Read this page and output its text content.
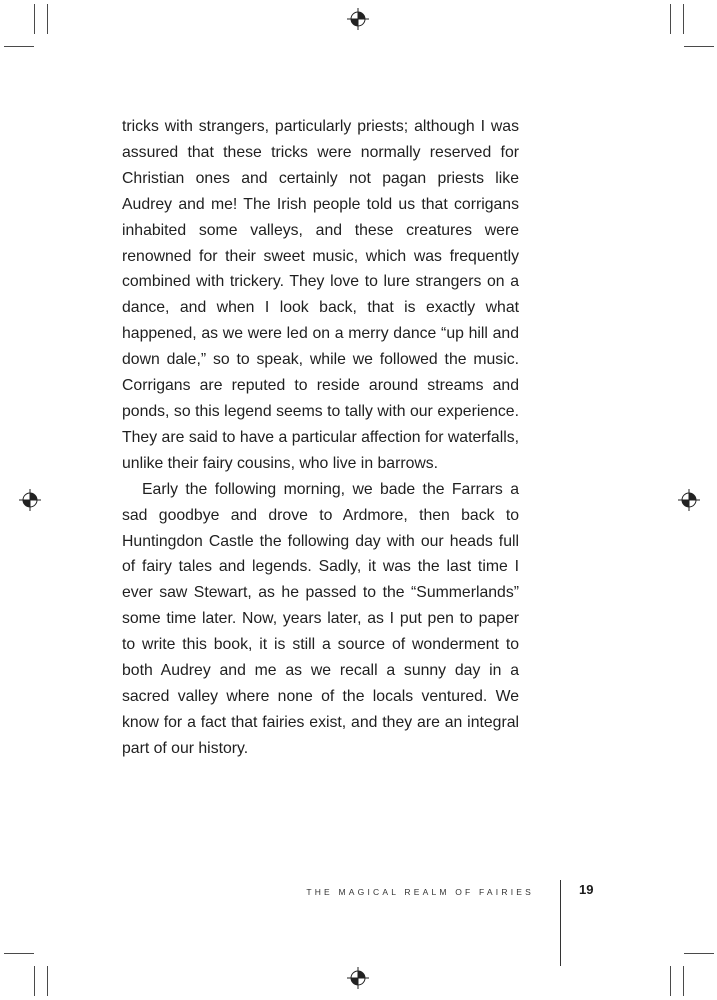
tricks with strangers, particularly priests; although I was assured that these tricks were normally reserved for Christian ones and certainly not pagan priests like Audrey and me! The Irish people told us that corrigans inhabited some valleys, and these creatures were renowned for their sweet music, which was frequently combined with trickery. They love to lure strangers on a dance, and when I look back, that is exactly what happened, as we were led on a merry dance “up hill and down dale,” so to speak, while we followed the music. Corrigans are reputed to reside around streams and ponds, so this legend seems to tally with our experience. They are said to have a particular affection for waterfalls, unlike their fairy cousins, who live in barrows.

Early the following morning, we bade the Farrars a sad goodbye and drove to Ardmore, then back to Huntingdon Castle the following day with our heads full of fairy tales and legends. Sadly, it was the last time I ever saw Stewart, as he passed to the “Summerlands” some time later. Now, years later, as I put pen to paper to write this book, it is still a source of wonderment to both Audrey and me as we recall a sunny day in a sacred valley where none of the locals ventured. We know for a fact that fairies exist, and they are an integral part of our history.

THE MAGICAL REALM OF FAIRIES	19
